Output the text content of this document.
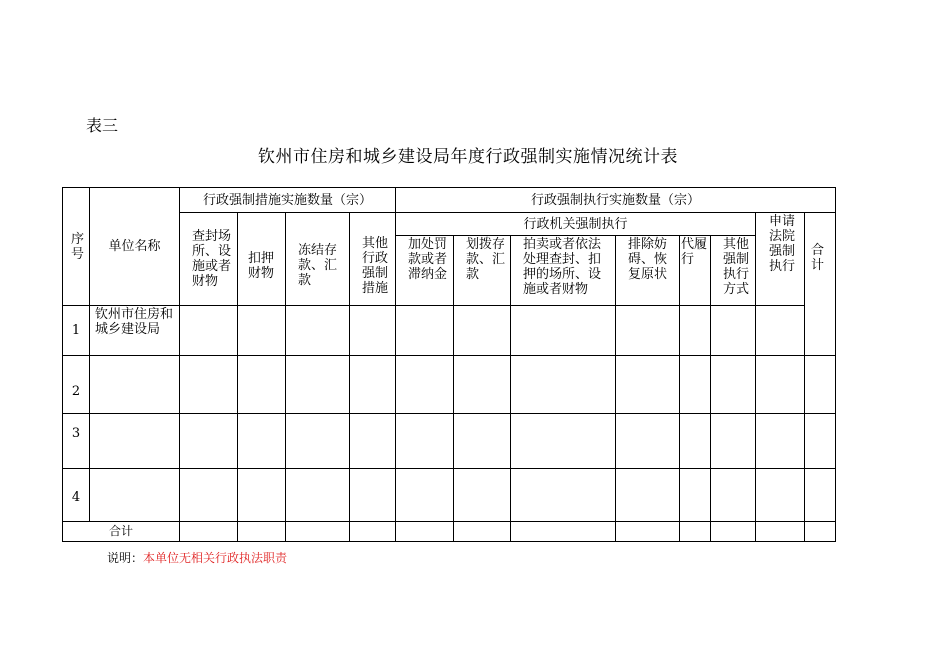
表三
钦州市住房和城乡建设局年度行政强制实施情况统计表
序号	单位名称	行政强制措施实施数量（宗）				行政强制执行实施数量（宗）								
		查封场所、设施或者财物	扣押财物	冻结存款、汇款	其他行政强制措施	行政机关强制执行						申请法院强制执行	合计	
						加处罚款或者滞纳金	划拨存款、汇款	拍卖或者依法处理查封、扣押的场所、设施或者财物	排除妨碍、恢复原状	代履行	其他强制执行方式			
1	钦州市住房和城乡建设局													
2														
3														
4														
合计														
说明：本单位无相关行政执法职责
